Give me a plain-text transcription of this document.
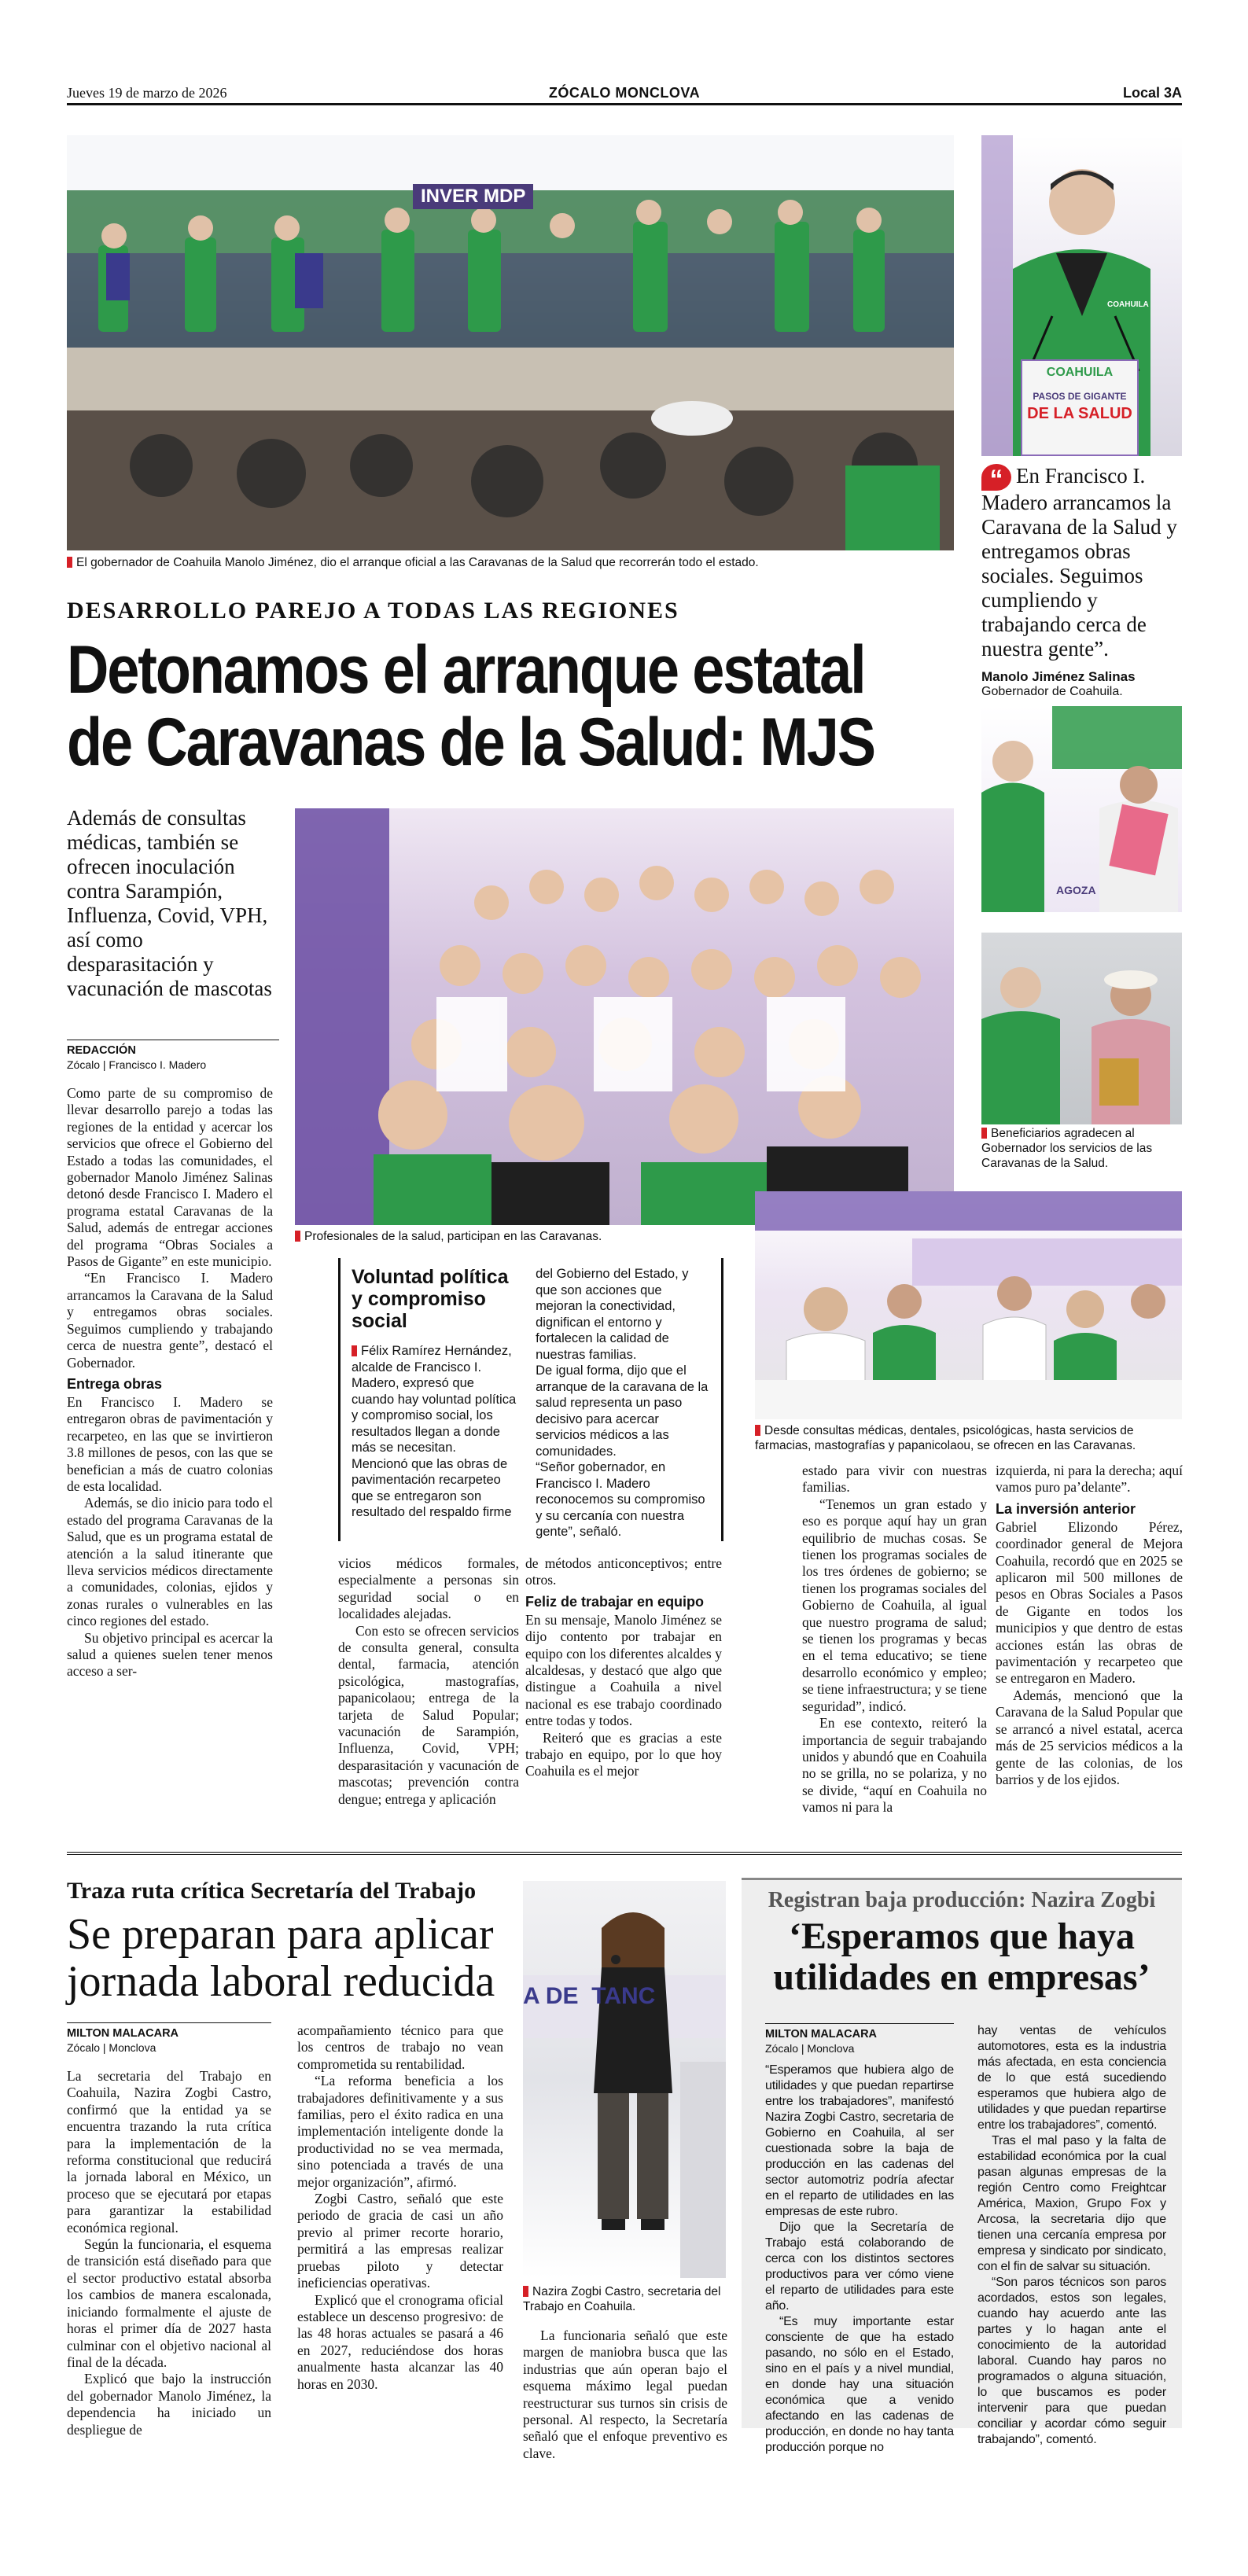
Jueves 19 de marzo de 2026	ZÓCALO MONCLOVA	Local 3A
INVER MDP
El gobernador de Coahuila Manolo Jiménez, dio el arranque oficial a las Caravanas de la Salud que recorrerán todo el estado.
COAHUILA
COAHUILA
PASOS DE GIGANTE
DE LA SALUD
“ En Francisco I. Madero arrancamos la Caravana de la Salud y entregamos obras sociales. Seguimos cumpliendo y trabajando cerca de nuestra gente”.
Manolo Jiménez Salinas
Gobernador de Coahuila.
DESARROLLO PAREJO A TODAS LAS REGIONES
Detonamos el arranque estatal
de Caravanas de la Salud: MJS
Además de consultas médicas, también se ofrecen inoculación contra Sarampión, Influenza, Covid, VPH, así como desparasitación y vacunación de mascotas
REDACCIÓN
Zócalo | Francisco I. Madero
Profesionales de la salud, participan en las Caravanas.
AGOZA
Beneficiarios agradecen al Gobernador los servicios de las Caravanas de la Salud.
Desde consultas médicas, dentales, psicológicas, hasta servicios de farmacias, mastografías y papanicolaou, se ofrecen en las Caravanas.

Como parte de su compromiso de llevar desarrollo parejo a todas las regiones de la entidad y acercar los servicios que ofrece el Gobierno del Estado a todas las comunidades, el gobernador Manolo Jiménez Salinas detonó desde Francisco I. Madero el programa estatal Caravanas de la Salud, además de entregar acciones del programa “Obras Sociales a Pasos de Gigante” en este municipio.

“En Francisco I. Madero arrancamos la Caravana de la Salud y entregamos obras sociales. Seguimos cumpliendo y trabajando cerca de nuestra gente”, destacó el Gobernador.

Entrega obras

En Francisco I. Madero se entregaron obras de pavimentación y recarpeteo, en las que se invirtieron 3.8 millones de pesos, con las que se benefician a más de cuatro colonias de esta localidad.

Además, se dio inicio para todo el estado del programa Caravanas de la Salud, que es un programa estatal de atención a la salud itinerante que lleva servicios médicos directamente a comunidades, colonias, ejidos y zonas rurales o vulnerables en las cinco regiones del estado.

Su objetivo principal es acercar la salud a quienes suelen tener menos acceso a ser-

Voluntad política y compromiso social
Félix Ramírez Hernández, alcalde de Francisco I. Madero, expresó que cuando hay voluntad política y compromiso social, los resultados llegan a donde más se necesitan.
Mencionó que las obras de pavimentación recarpeteo que se entregaron son resultado del respaldo firme
del Gobierno del Estado, y que son acciones que mejoran la conectividad, dignifican el entorno y fortalecen la calidad de nuestras familias.
De igual forma, dijo que el arranque de la caravana de la salud representa un paso decisivo para acercar servicios médicos a las comunidades.
“Señor gobernador, en Francisco I. Madero reconocemos su compromiso y su cercanía con nuestra gente”, señaló.

vicios médicos formales, especialmente a personas sin seguridad social o en localidades alejadas.

Con esto se ofrecen servicios de consulta general, consulta dental, farmacia, atención psicológica, mastografías, papanicolaou; entrega de la tarjeta de Salud Popular; vacunación de Sarampión, Influenza, Covid, VPH; desparasitación y vacunación de mascotas; prevención contra dengue; entrega y aplicación

de métodos anticonceptivos; entre otros.

Feliz de trabajar en equipo

En su mensaje, Manolo Jiménez se dijo contento por trabajar en equipo con los diferentes alcaldes y alcaldesas, y destacó que algo que distingue a Coahuila a nivel nacional es ese trabajo coordinado entre todas y todos.

Reiteró que es gracias a este trabajo en equipo, por lo que hoy Coahuila es el mejor

estado para vivir con nuestras familias.

“Tenemos un gran estado y eso es porque aquí hay un gran equilibrio de muchas cosas. Se tienen los programas sociales de los tres órdenes de gobierno; se tienen los programas sociales del Gobierno de Coahuila, al igual que nuestro programa de salud; se tienen los programas y becas en el tema educativo; se tiene desarrollo económico y empleo; se tiene infraestructura; y se tiene seguridad”, indicó.

En ese contexto, reiteró la importancia de seguir trabajando unidos y abundó que en Coahuila no se grilla, no se polariza, y no se divide, “aquí en Coahuila no vamos ni para la

izquierda, ni para la derecha; aquí vamos puro pa’delante”.

La inversión anterior

Gabriel Elizondo Pérez, coordinador general de Mejora Coahuila, recordó que en 2025 se aplicaron mil 500 millones de pesos en Obras Sociales a Pasos de Gigante en todos los municipios y que dentro de estas acciones están las obras de pavimentación y recarpeteo que se entregaron en Madero.

Además, mencionó que la Caravana de la Salud Popular que se arrancó a nivel estatal, acerca más de 25 servicios médicos a la gente de las colonias, de los barrios y de los ejidos.

Traza ruta crítica Secretaría del Trabajo
Se preparan para aplicar jornada laboral reducida
MILTON MALACARA
Zócalo | Monclova

La secretaria del Trabajo en Coahuila, Nazira Zogbi Castro, confirmó que la entidad ya se encuentra trazando la ruta crítica para la implementación de la reforma constitucional que reducirá la jornada laboral en México, un proceso que se ejecutará por etapas para garantizar la estabilidad económica regional.

Según la funcionaria, el esquema de transición está diseñado para que el sector productivo estatal absorba los cambios de manera escalonada, iniciando formalmente el ajuste de horas el primer día de 2027 hasta culminar con el objetivo nacional al final de la década.

Explicó que bajo la instrucción del gobernador Manolo Jiménez, la dependencia ha iniciado un despliegue de

acompañamiento técnico para que los centros de trabajo no vean comprometida su rentabilidad.

“La reforma beneficia a los trabajadores definitivamente y a sus familias, pero el éxito radica en una implementación inteligente donde la productividad no se vea mermada, sino potenciada a través de una mejor organización”, afirmó.

Zogbi Castro, señaló que este periodo de gracia de casi un año previo al primer recorte horario, permitirá a las empresas realizar pruebas piloto y detectar ineficiencias operativas.

Explicó que el cronograma oficial establece un descenso progresivo: de las 48 horas actuales se pasará a 46 en 2027, reduciéndose dos horas anualmente hasta alcanzar las 40 horas en 2030.

A DE  TANC
Nazira Zogbi Castro, secretaria del Trabajo en Coahuila.

La funcionaria señaló que este margen de maniobra busca que las industrias que aún operan bajo el esquema máximo legal puedan reestructurar sus turnos sin crisis de personal. Al respecto, la Secretaría señaló que el enfoque preventivo es clave.

Registran baja producción: Nazira Zogbi
‘Esperamos que haya utilidades en empresas’
MILTON MALACARA
Zócalo | Monclova

“Esperamos que hubiera algo de utilidades y que puedan repartirse entre los trabajadores”, manifestó Nazira Zogbi Castro, secretaria de Gobierno en Coahuila, al ser cuestionada sobre la baja de producción en las cadenas del sector automotriz podría afectar en el reparto de utilidades en las empresas de este rubro.

Dijo que la Secretaría de Trabajo está colaborando de cerca con los distintos sectores productivos para ver cómo viene el reparto de utilidades para este año.

“Es muy importante estar consciente de que ha estado pasando, no sólo en el Estado, sino en el país y a nivel mundial, en donde hay una situación económica que a venido afectando en las cadenas de producción, en donde no hay tanta producción porque no

hay ventas de vehículos automotores, esta es la industria más afectada, en esta conciencia de lo que está sucediendo esperamos que hubiera algo de utilidades y que puedan repartirse entre los trabajadores”, comentó.

Tras el mal paso y la falta de estabilidad económica por la cual pasan algunas empresas de la región Centro como Freightcar América, Maxion, Grupo Fox y Arcosa, la secretaria dijo que tienen una cercanía empresa por empresa y sindicato por sindicato, con el fin de salvar su situación.

“Son paros técnicos son paros acordados, estos son legales, cuando hay acuerdo ante las partes y lo hagan ante el conocimiento de la autoridad laboral. Cuando hay paros no programados o alguna situación, lo que buscamos es poder intervenir para que puedan conciliar y acordar cómo seguir trabajando”, comentó.
